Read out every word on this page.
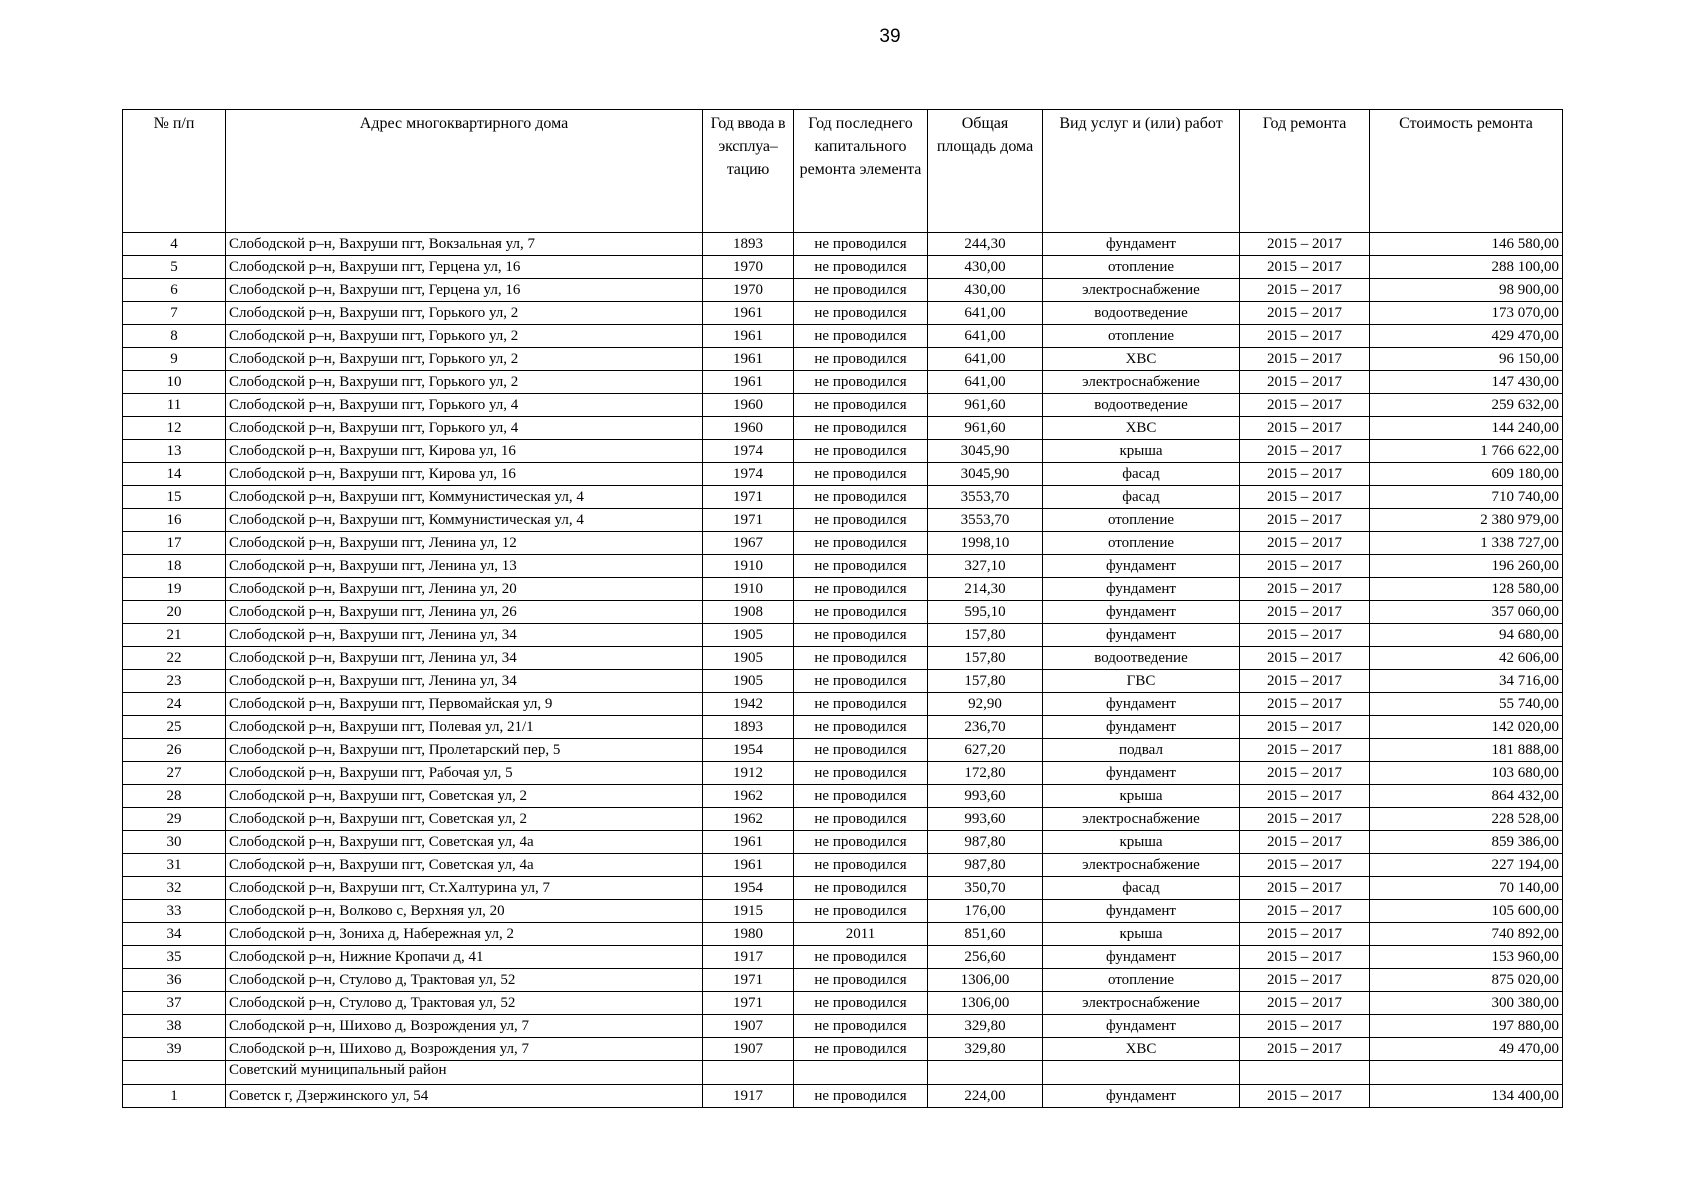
39
№ п/п	Адрес многоквартирного дома	Год ввода в эксплуа–тацию	Год последнего капитального ремонта элемента	Общая площадь дома	Вид услуг и (или) работ	Год ремонта	Стоимость ремонта
4	Слободской р–н, Вахруши пгт, Вокзальная ул, 7	1893	не проводился	244,30	фундамент	2015 – 2017	146 580,00
5	Слободской р–н, Вахруши пгт, Герцена ул, 16	1970	не проводился	430,00	отопление	2015 – 2017	288 100,00
6	Слободской р–н, Вахруши пгт, Герцена ул, 16	1970	не проводился	430,00	электроснабжение	2015 – 2017	98 900,00
7	Слободской р–н, Вахруши пгт, Горького ул, 2	1961	не проводился	641,00	водоотведение	2015 – 2017	173 070,00
8	Слободской р–н, Вахруши пгт, Горького ул, 2	1961	не проводился	641,00	отопление	2015 – 2017	429 470,00
9	Слободской р–н, Вахруши пгт, Горького ул, 2	1961	не проводился	641,00	ХВС	2015 – 2017	96 150,00
10	Слободской р–н, Вахруши пгт, Горького ул, 2	1961	не проводился	641,00	электроснабжение	2015 – 2017	147 430,00
11	Слободской р–н, Вахруши пгт, Горького ул, 4	1960	не проводился	961,60	водоотведение	2015 – 2017	259 632,00
12	Слободской р–н, Вахруши пгт, Горького ул, 4	1960	не проводился	961,60	ХВС	2015 – 2017	144 240,00
13	Слободской р–н, Вахруши пгт, Кирова ул, 16	1974	не проводился	3045,90	крыша	2015 – 2017	1 766 622,00
14	Слободской р–н, Вахруши пгт, Кирова ул, 16	1974	не проводился	3045,90	фасад	2015 – 2017	609 180,00
15	Слободской р–н, Вахруши пгт, Коммунистическая ул, 4	1971	не проводился	3553,70	фасад	2015 – 2017	710 740,00
16	Слободской р–н, Вахруши пгт, Коммунистическая ул, 4	1971	не проводился	3553,70	отопление	2015 – 2017	2 380 979,00
17	Слободской р–н, Вахруши пгт, Ленина ул, 12	1967	не проводился	1998,10	отопление	2015 – 2017	1 338 727,00
18	Слободской р–н, Вахруши пгт, Ленина ул, 13	1910	не проводился	327,10	фундамент	2015 – 2017	196 260,00
19	Слободской р–н, Вахруши пгт, Ленина ул, 20	1910	не проводился	214,30	фундамент	2015 – 2017	128 580,00
20	Слободской р–н, Вахруши пгт, Ленина ул, 26	1908	не проводился	595,10	фундамент	2015 – 2017	357 060,00
21	Слободской р–н, Вахруши пгт, Ленина ул, 34	1905	не проводился	157,80	фундамент	2015 – 2017	94 680,00
22	Слободской р–н, Вахруши пгт, Ленина ул, 34	1905	не проводился	157,80	водоотведение	2015 – 2017	42 606,00
23	Слободской р–н, Вахруши пгт, Ленина ул, 34	1905	не проводился	157,80	ГВС	2015 – 2017	34 716,00
24	Слободской р–н, Вахруши пгт, Первомайская ул, 9	1942	не проводился	92,90	фундамент	2015 – 2017	55 740,00
25	Слободской р–н, Вахруши пгт, Полевая ул, 21/1	1893	не проводился	236,70	фундамент	2015 – 2017	142 020,00
26	Слободской р–н, Вахруши пгт, Пролетарский пер, 5	1954	не проводился	627,20	подвал	2015 – 2017	181 888,00
27	Слободской р–н, Вахруши пгт, Рабочая ул, 5	1912	не проводился	172,80	фундамент	2015 – 2017	103 680,00
28	Слободской р–н, Вахруши пгт, Советская ул, 2	1962	не проводился	993,60	крыша	2015 – 2017	864 432,00
29	Слободской р–н, Вахруши пгт, Советская ул, 2	1962	не проводился	993,60	электроснабжение	2015 – 2017	228 528,00
30	Слободской р–н, Вахруши пгт, Советская ул, 4а	1961	не проводился	987,80	крыша	2015 – 2017	859 386,00
31	Слободской р–н, Вахруши пгт, Советская ул, 4а	1961	не проводился	987,80	электроснабжение	2015 – 2017	227 194,00
32	Слободской р–н, Вахруши пгт, Ст.Халтурина ул, 7	1954	не проводился	350,70	фасад	2015 – 2017	70 140,00
33	Слободской р–н, Волково с, Верхняя ул, 20	1915	не проводился	176,00	фундамент	2015 – 2017	105 600,00
34	Слободской р–н, Зониха д, Набережная ул, 2	1980	2011	851,60	крыша	2015 – 2017	740 892,00
35	Слободской р–н, Нижние Кропачи д, 41	1917	не проводился	256,60	фундамент	2015 – 2017	153 960,00
36	Слободской р–н, Стулово д, Трактовая ул, 52	1971	не проводился	1306,00	отопление	2015 – 2017	875 020,00
37	Слободской р–н, Стулово д, Трактовая ул, 52	1971	не проводился	1306,00	электроснабжение	2015 – 2017	300 380,00
38	Слободской р–н, Шихово д, Возрождения ул, 7	1907	не проводился	329,80	фундамент	2015 – 2017	197 880,00
39	Слободской р–н, Шихово д, Возрождения ул, 7	1907	не проводился	329,80	ХВС	2015 – 2017	49 470,00
	Советский муниципальный район						
1	Советск г, Дзержинского ул, 54	1917	не проводился	224,00	фундамент	2015 – 2017	134 400,00
